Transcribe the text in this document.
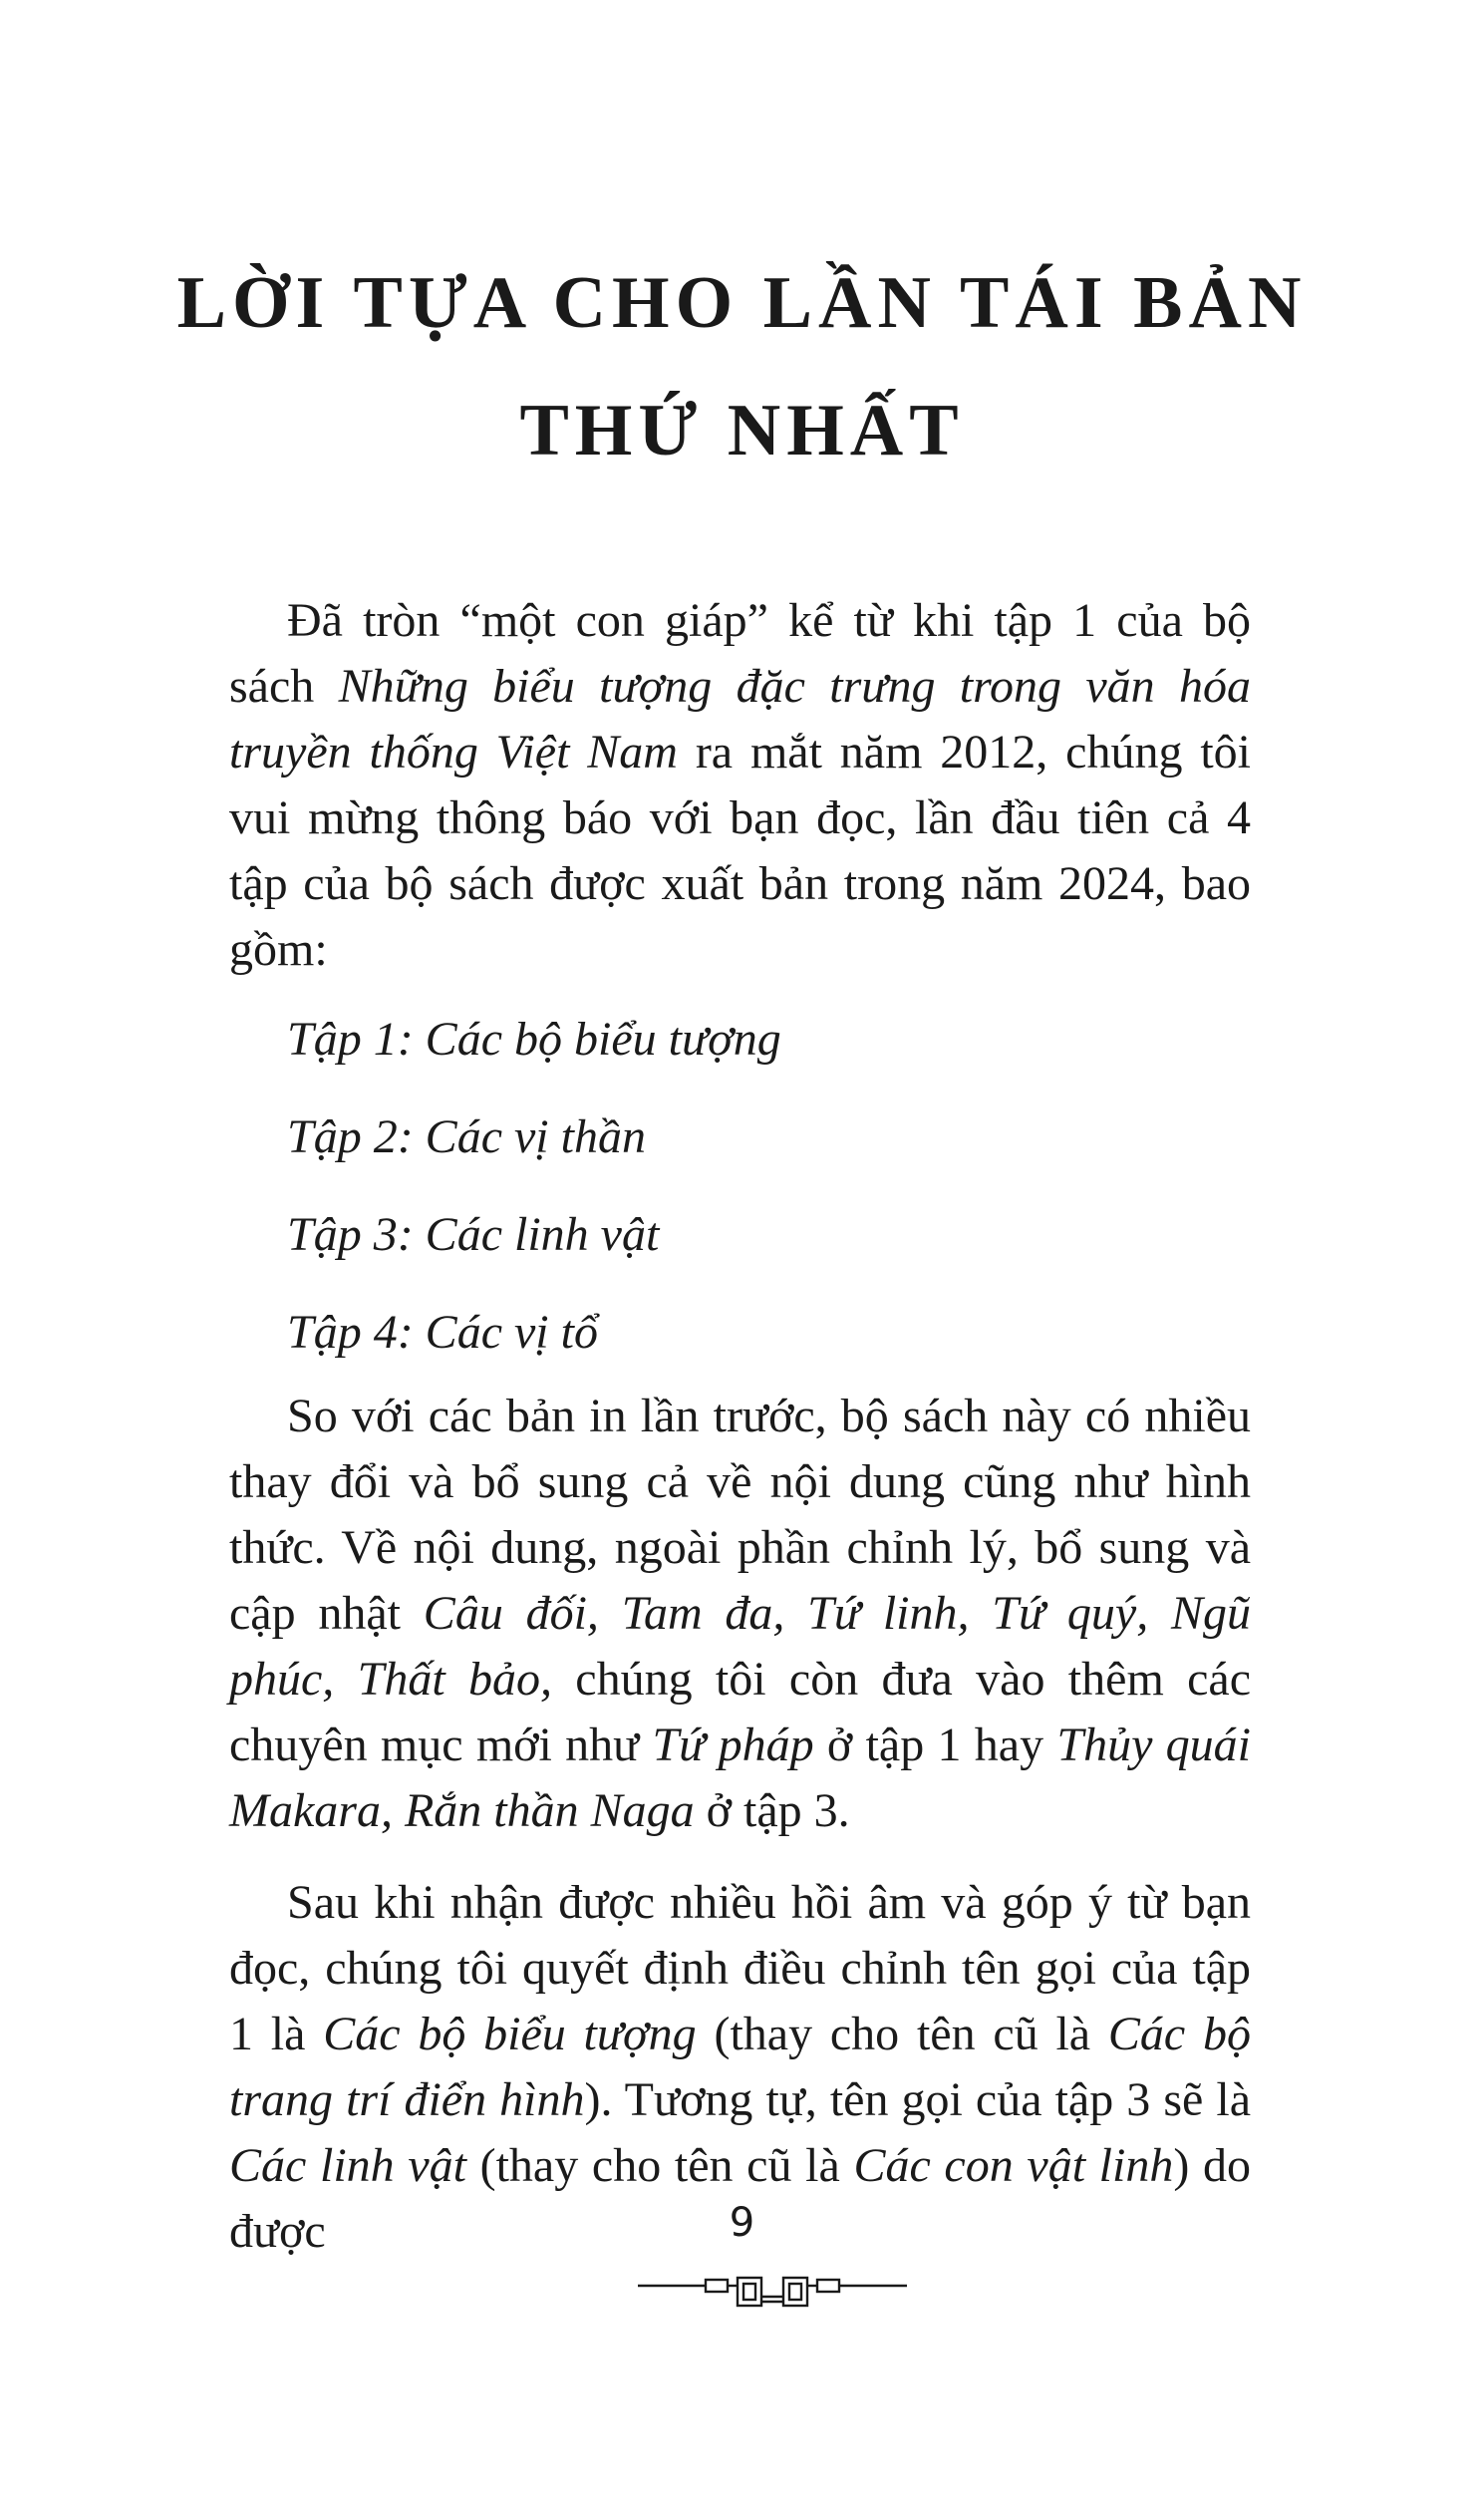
LỜI TỰA CHO LẦN TÁI BẢN
THỨ NHẤT

Đã tròn “một con giáp” kể từ khi tập 1 của bộ sách Những biểu tượng đặc trưng trong văn hóa truyền thống Việt Nam ra mắt năm 2012, chúng tôi vui mừng thông báo với bạn đọc, lần đầu tiên cả 4 tập của bộ sách được xuất bản trong năm 2024, bao gồm:

Tập 1: Các bộ biểu tượng

Tập 2: Các vị thần

Tập 3: Các linh vật

Tập 4: Các vị tổ

So với các bản in lần trước, bộ sách này có nhiều thay đổi và bổ sung cả về nội dung cũng như hình thức. Về nội dung, ngoài phần chỉnh lý, bổ sung và cập nhật Câu đối, Tam đa, Tứ linh, Tứ quý, Ngũ phúc, Thất bảo, chúng tôi còn đưa vào thêm các chuyên mục mới như Tứ pháp ở tập 1 hay Thủy quái Makara, Rắn thần Naga ở tập 3.

Sau khi nhận được nhiều hồi âm và góp ý từ bạn đọc, chúng tôi quyết định điều chỉnh tên gọi của tập 1 là Các bộ biểu tượng (thay cho tên cũ là Các bộ trang trí điển hình). Tương tự, tên gọi của tập 3 sẽ là Các linh vật (thay cho tên cũ là Các con vật linh) do được	9
